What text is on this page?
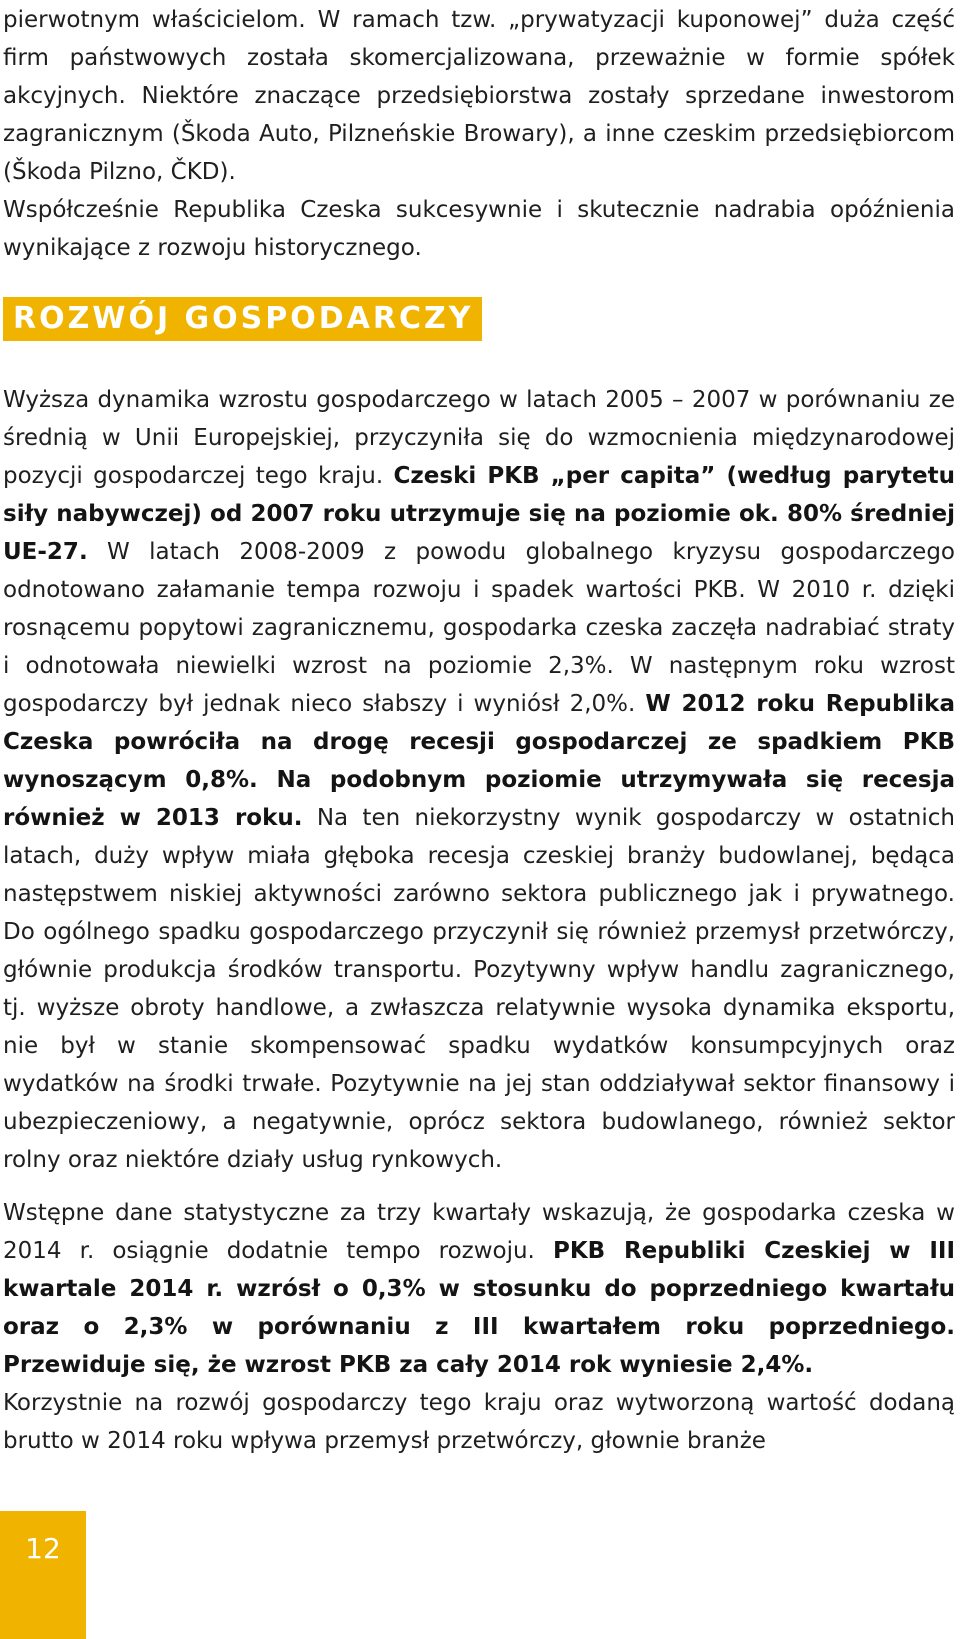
pierwotnym właścicielom. W ramach tzw. „prywatyzacji kuponowej” duża część firm państwowych została skomercjalizowana, przeważnie w formie spółek akcyjnych. Niektóre znaczące przedsiębiorstwa zostały sprzedane inwestorom zagranicznym (Škoda Auto, Pilzneńskie Browary), a inne czeskim przedsiębiorcom (Škoda Pilzno, ČKD).

Współcześnie Republika Czeska sukcesywnie i skutecznie nadrabia opóźnienia wynikające z rozwoju historycznego.

ROZWÓJ GOSPODARCZY

Wyższa dynamika wzrostu gospodarczego w latach 2005 – 2007 w porównaniu ze średnią w Unii Europejskiej, przyczyniła się do wzmocnienia międzynarodowej pozycji gospodarczej tego kraju. Czeski PKB „per capita” (według parytetu siły nabywczej) od 2007 roku utrzymuje się na poziomie ok. 80% średniej UE-27. W latach 2008-2009 z powodu globalnego kryzysu gospodarczego odnotowano załamanie tempa rozwoju i spadek wartości PKB. W 2010 r. dzięki rosnącemu popytowi zagranicznemu, gospodarka czeska zaczęła nadrabiać straty i odnotowała niewielki wzrost na poziomie 2,3%. W następnym roku wzrost gospodarczy był jednak nieco słabszy i wyniósł 2,0%. W 2012 roku Republika Czeska powróciła na drogę recesji gospodarczej ze spadkiem PKB wynoszącym 0,8%. Na podobnym poziomie utrzymywała się recesja również w 2013 roku. Na ten niekorzystny wynik gospodarczy w ostatnich latach, duży wpływ miała głęboka recesja czeskiej branży budowlanej, będąca następstwem niskiej aktywności zarówno sektora publicznego jak i prywatnego. Do ogólnego spadku gospodarczego przyczynił się również przemysł przetwórczy, głównie produkcja środków transportu. Pozytywny wpływ handlu zagranicznego, tj. wyższe obroty handlowe, a zwłaszcza relatywnie wysoka dynamika eksportu, nie był w stanie skompensować spadku wydatków konsumpcyjnych oraz wydatków na środki trwałe. Pozytywnie na jej stan oddziaływał sektor finansowy i ubezpieczeniowy, a negatywnie, oprócz sektora budowlanego, również sektor rolny oraz niektóre działy usług rynkowych.

Wstępne dane statystyczne za trzy kwartały wskazują, że gospodarka czeska w 2014 r. osiągnie dodatnie tempo rozwoju. PKB Republiki Czeskiej w III kwartale 2014 r. wzrósł o 0,3% w stosunku do poprzedniego kwartału oraz o 2,3% w porównaniu z III kwartałem roku poprzedniego. Przewiduje się, że wzrost PKB za cały 2014 rok wyniesie 2,4%.

Korzystnie na rozwój gospodarczy tego kraju oraz wytworzoną wartość dodaną brutto w 2014 roku wpływa przemysł przetwórczy, głownie branże

12
